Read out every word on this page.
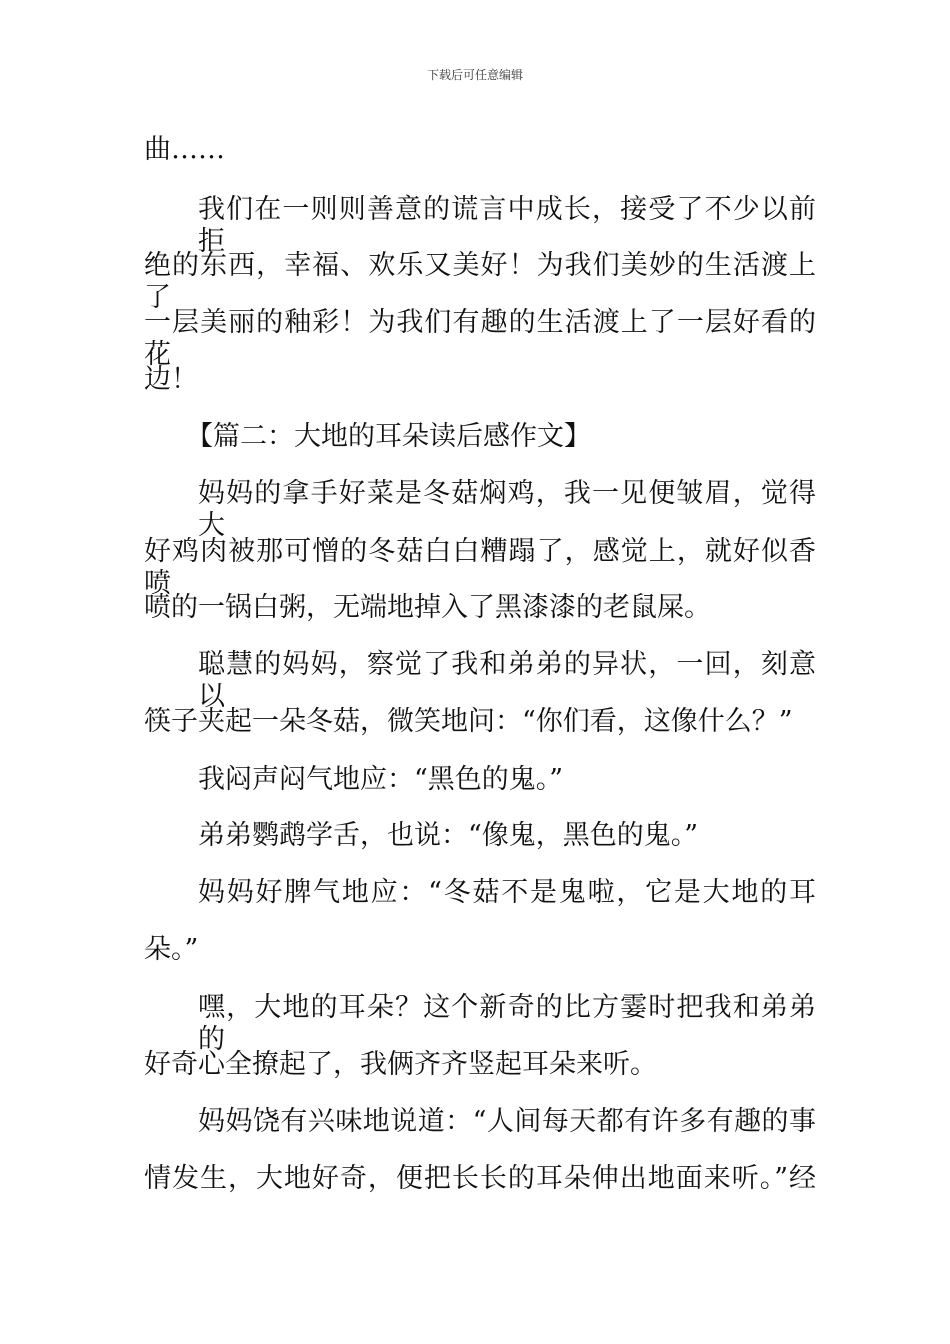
下载后可任意编辑
曲……
我们在一则则善意的谎言中成长，接受了不少以前拒
绝的东西，幸福、欢乐又美好！为我们美妙的生活渡上了
一层美丽的釉彩！为我们有趣的生活渡上了一层好看的花
边！
【篇二：大地的耳朵读后感作文】
妈妈的拿手好菜是冬菇焖鸡，我一见便皱眉，觉得大
好鸡肉被那可憎的冬菇白白糟蹋了，感觉上，就好似香喷
喷的一锅白粥，无端地掉入了黑漆漆的老鼠屎。
聪慧的妈妈，察觉了我和弟弟的异状，一回，刻意以
筷子夹起一朵冬菇，微笑地问：“你们看，这像什么？”
我闷声闷气地应：“黑色的鬼。”
弟弟鹦鹉学舌，也说：“像鬼，黑色的鬼。”
妈妈好脾气地应：“冬菇不是鬼啦，它是大地的耳
朵。”
嘿，大地的耳朵？这个新奇的比方霎时把我和弟弟的
好奇心全撩起了，我俩齐齐竖起耳朵来听。
妈妈饶有兴味地说道：“人间每天都有许多有趣的事
情发生，大地好奇，便把长长的耳朵伸出地面来听。”经
